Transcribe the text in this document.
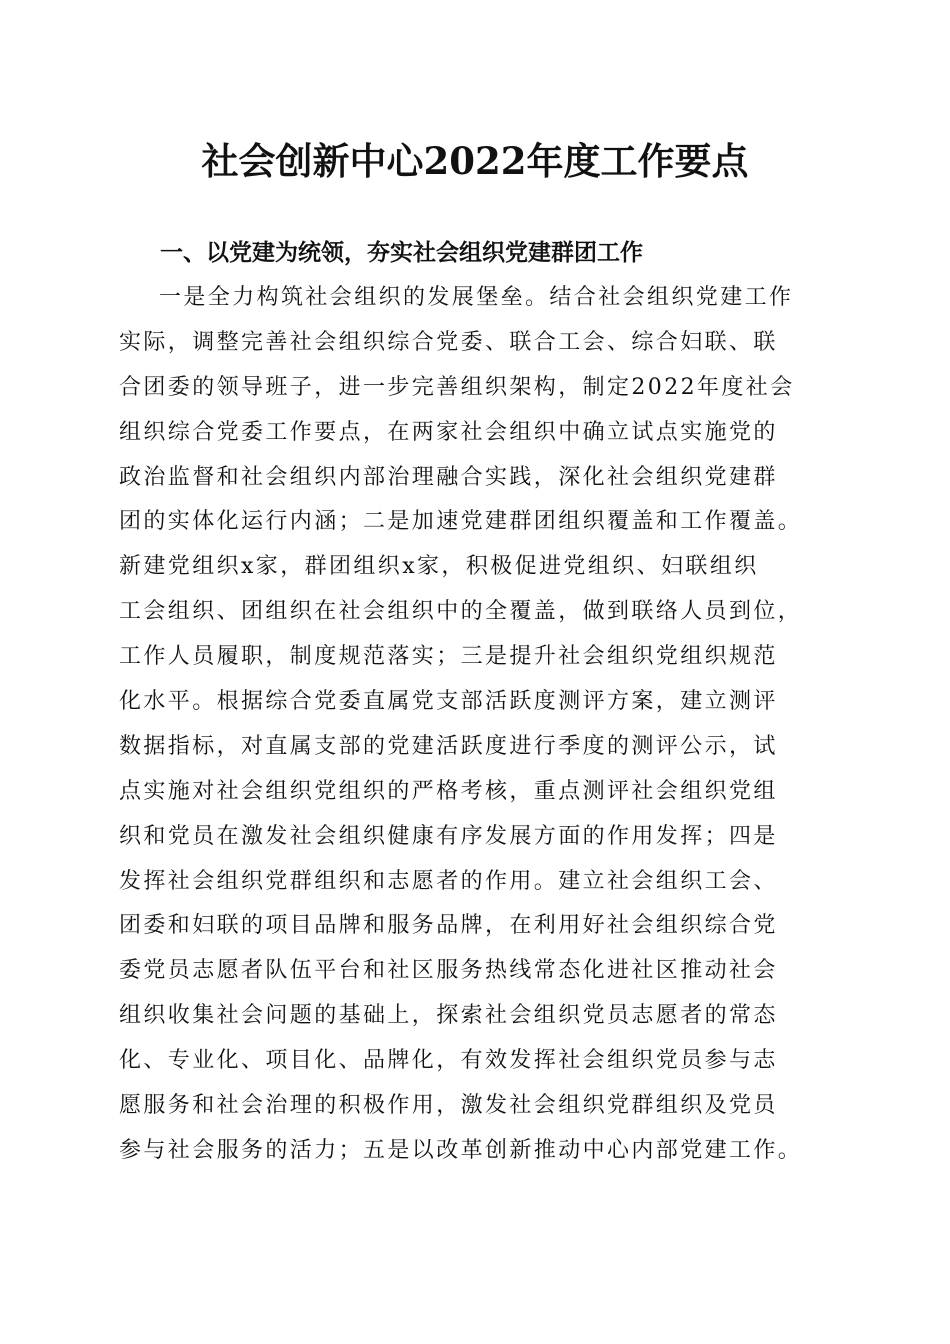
社会创新中心2022年度工作要点
一、以党建为统领，夯实社会组织党建群团工作
一是全力构筑社会组织的发展堡垒。结合社会组织党建工作
实际，调整完善社会组织综合党委、联合工会、综合妇联、联
合团委的领导班子，进一步完善组织架构，制定2022年度社会
组织综合党委工作要点，在两家社会组织中确立试点实施党的
政治监督和社会组织内部治理融合实践，深化社会组织党建群
团的实体化运行内涵；二是加速党建群团组织覆盖和工作覆盖。
新建党组织x家，群团组织x家，积极促进党组织、妇联组织
工会组织、团组织在社会组织中的全覆盖，做到联络人员到位，
工作人员履职，制度规范落实；三是提升社会组织党组织规范
化水平。根据综合党委直属党支部活跃度测评方案，建立测评
数据指标，对直属支部的党建活跃度进行季度的测评公示，试
点实施对社会组织党组织的严格考核，重点测评社会组织党组
织和党员在激发社会组织健康有序发展方面的作用发挥；四是
发挥社会组织党群组织和志愿者的作用。建立社会组织工会、
团委和妇联的项目品牌和服务品牌，在利用好社会组织综合党
委党员志愿者队伍平台和社区服务热线常态化进社区推动社会
组织收集社会问题的基础上，探索社会组织党员志愿者的常态
化、专业化、项目化、品牌化，有效发挥社会组织党员参与志
愿服务和社会治理的积极作用，激发社会组织党群组织及党员
参与社会服务的活力；五是以改革创新推动中心内部党建工作。
